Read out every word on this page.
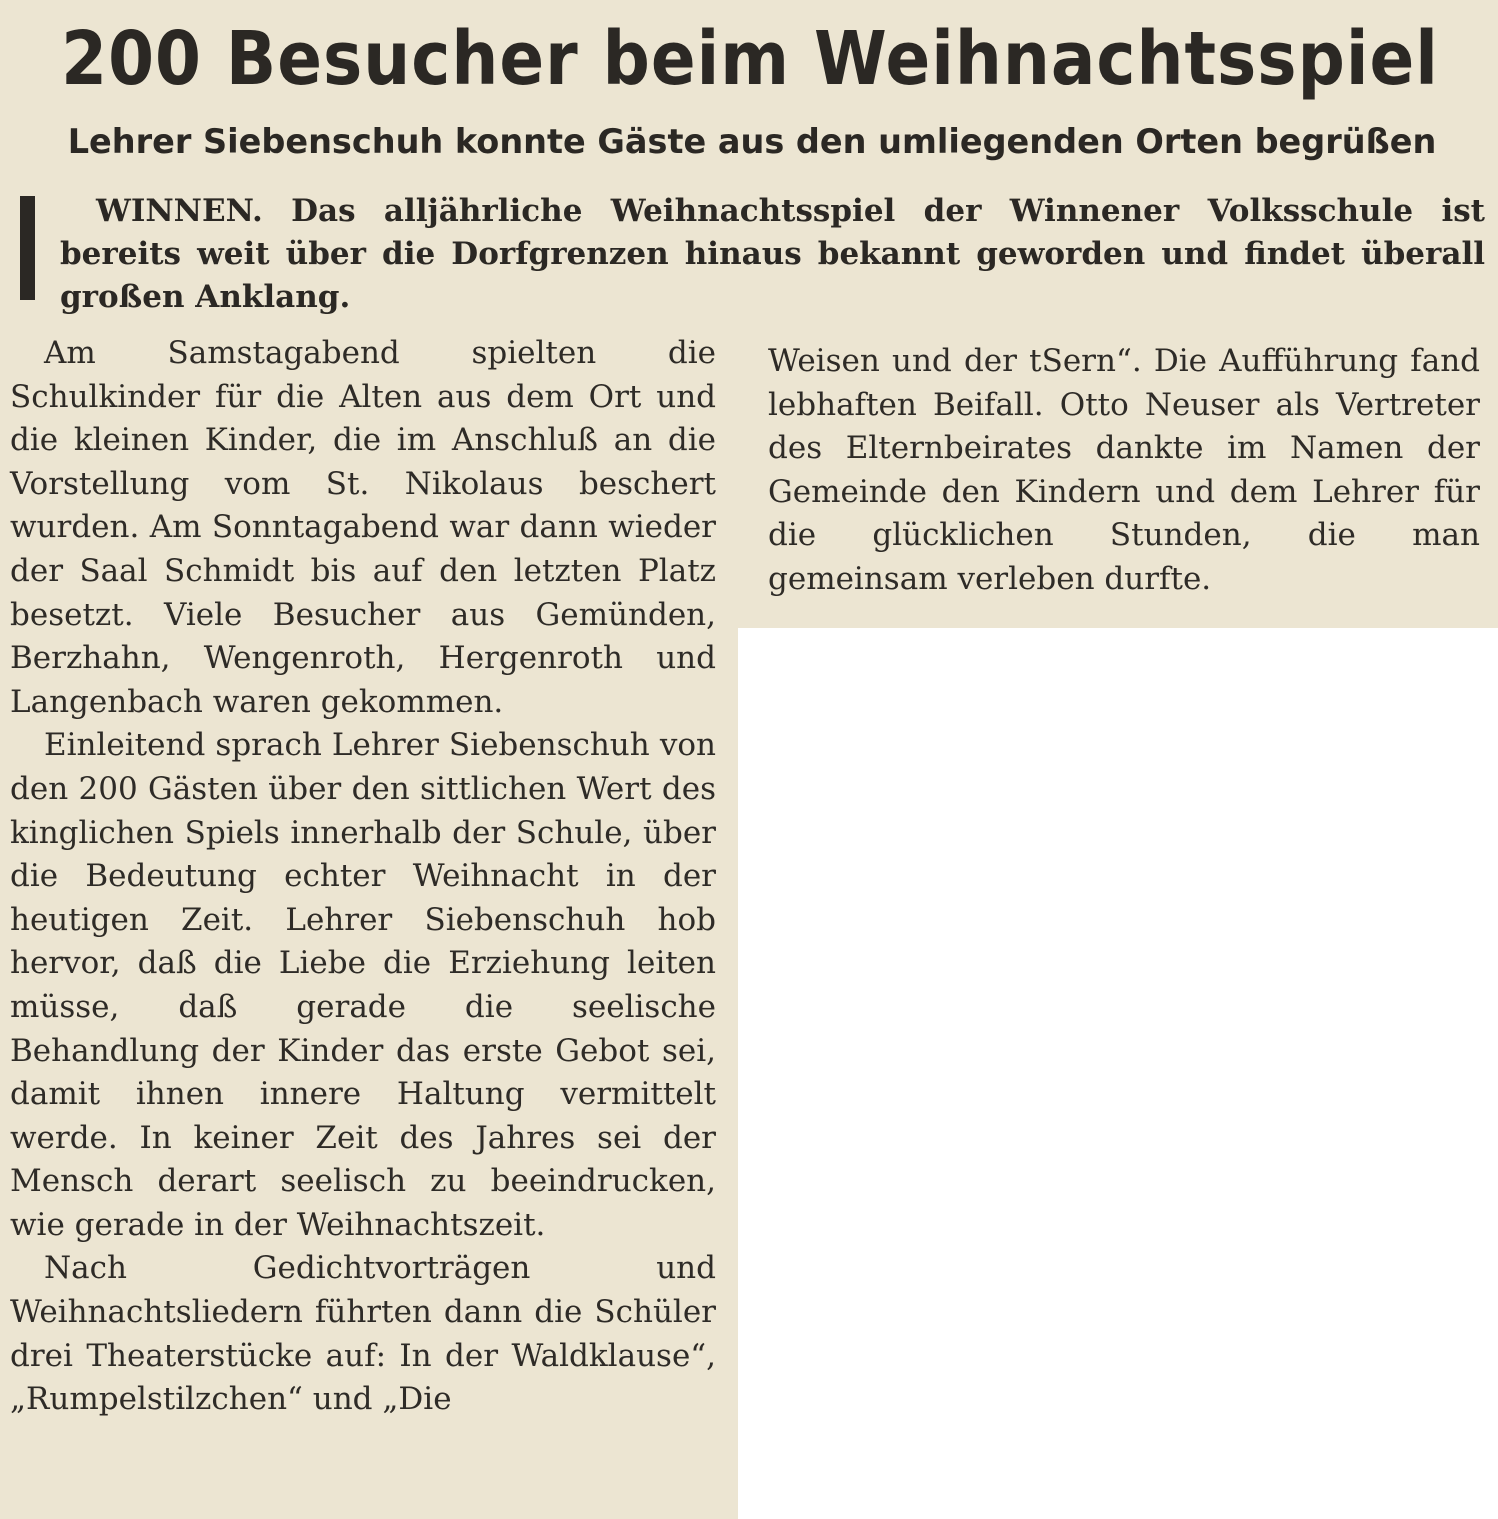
200 Besucher beim Weihnachtsspiel
Lehrer Siebenschuh konnte Gäste aus den umliegenden Orten begrüßen
WINNEN. Das alljährliche Weihnachtsspiel der Winnener Volksschule ist bereits weit über die Dorfgrenzen hinaus bekannt geworden und findet überall großen Anklang.

Am Samstagabend spielten die Schulkinder für die Alten aus dem Ort und die kleinen Kinder, die im Anschluß an die Vorstellung vom St. Nikolaus beschert wurden. Am Sonntagabend war dann wieder der Saal Schmidt bis auf den letzten Platz besetzt. Viele Besucher aus Gemünden, Berzhahn, Wengenroth, Hergenroth und Langenbach waren gekommen.

Einleitend sprach Lehrer Siebenschuh von den 200 Gästen über den sittlichen Wert des kinglichen Spiels innerhalb der Schule, über die Bedeutung echter Weihnacht in der heutigen Zeit. Lehrer Siebenschuh hob hervor, daß die Liebe die Erziehung leiten müsse, daß gerade die seelische Behandlung der Kinder das erste Gebot sei, damit ihnen innere Haltung vermittelt werde. In keiner Zeit des Jahres sei der Mensch derart seelisch zu beeindrucken, wie gerade in der Weihnachtszeit.

Nach Gedichtvorträgen und Weihnachtsliedern führten dann die Schüler drei Theaterstücke auf: In der Waldklause“, „Rumpelstilzchen“ und „Die

Weisen und der tSern“. Die Aufführung fand lebhaften Beifall. Otto Neuser als Vertreter des Elternbeirates dankte im Namen der Gemeinde den Kindern und dem Lehrer für die glücklichen Stunden, die man gemeinsam verleben durfte.
